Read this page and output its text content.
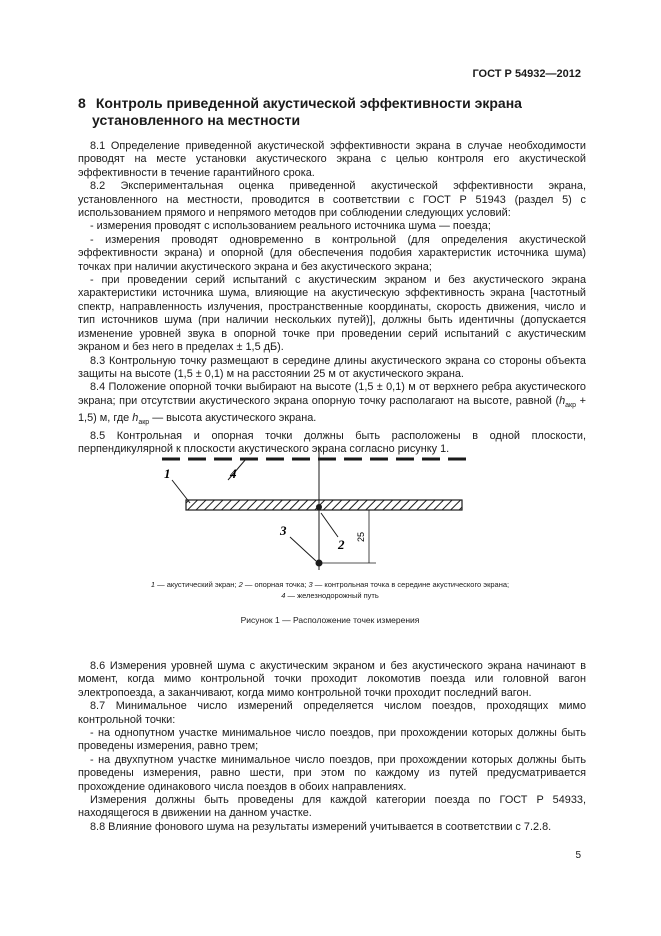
ГОСТ Р 54932—2012
8 Контроль приведенной акустической эффективности экрана
установленного на местности

8.1 Определение приведенной акустической эффективности экрана в случае необходимости проводят на месте установки акустического экрана с целью контроля его акустической эффективности в течение гарантийного срока.

8.2 Экспериментальная оценка приведенной акустической эффективности экрана, установленного на местности, проводится в соответствии с ГОСТ Р 51943 (раздел 5) с использованием прямого и непрямого методов при соблюдении следующих условий:

- измерения проводят с использованием реального источника шума — поезда;

- измерения проводят одновременно в контрольной (для определения акустической эффективности экрана) и опорной (для обеспечения подобия характеристик источника шума) точках при наличии акустического экрана и без акустического экрана;

- при проведении серий испытаний с акустическим экраном и без акустического экрана характеристики источника шума, влияющие на акустическую эффективность экрана [частотный спектр, направленность излучения, пространственные координаты, скорость движения, число и тип источников шума (при наличии нескольких путей)], должны быть идентичны (допускается изменение уровней звука в опорной точке при проведении серий испытаний с акустическим экраном и без него в пределах ± 1,5 дБ).

8.3 Контрольную точку размещают в середине длины акустического экрана со стороны объекта защиты на высоте (1,5 ± 0,1) м на расстоянии 25 м от акустического экрана.

8.4 Положение опорной точки выбирают на высоте (1,5 ± 0,1) м от верхнего ребра акустического экрана; при отсутствии акустического экрана опорную точку располагают на высоте, равной $(h_{акр} + 1,5)$ м, где $h_{акр}$ — высота акустического экрана.

8.5 Контрольная и опорная точки должны быть расположены в одной плоскости, перпендикулярной к плоскости акустического экрана согласно рисунку 1.

1	4
2
3	25
1 — акустический экран; 2 — опорная точка; 3 — контрольная точка в середине акустического экрана;
4 — железнодорожный путь
Рисунок 1 — Расположение точек измерения

8.6 Измерения уровней шума с акустическим экраном и без акустического экрана начинают в момент, когда мимо контрольной точки проходит локомотив поезда или головной вагон электропоезда, а заканчивают, когда мимо контрольной точки проходит последний вагон.

8.7 Минимальное число измерений определяется числом поездов, проходящих мимо контрольной точки:

- на однопутном участке минимальное число поездов, при прохождении которых должны быть проведены измерения, равно трем;

- на двухпутном участке минимальное число поездов, при прохождении которых должны быть проведены измерения, равно шести, при этом по каждому из путей предусматривается прохождение одинакового числа поездов в обоих направлениях.

Измерения должны быть проведены для каждой категории поезда по ГОСТ Р 54933, находящегося в движении на данном участке.

8.8 Влияние фонового шума на результаты измерений учитывается в соответствии с 7.2.8.

5
